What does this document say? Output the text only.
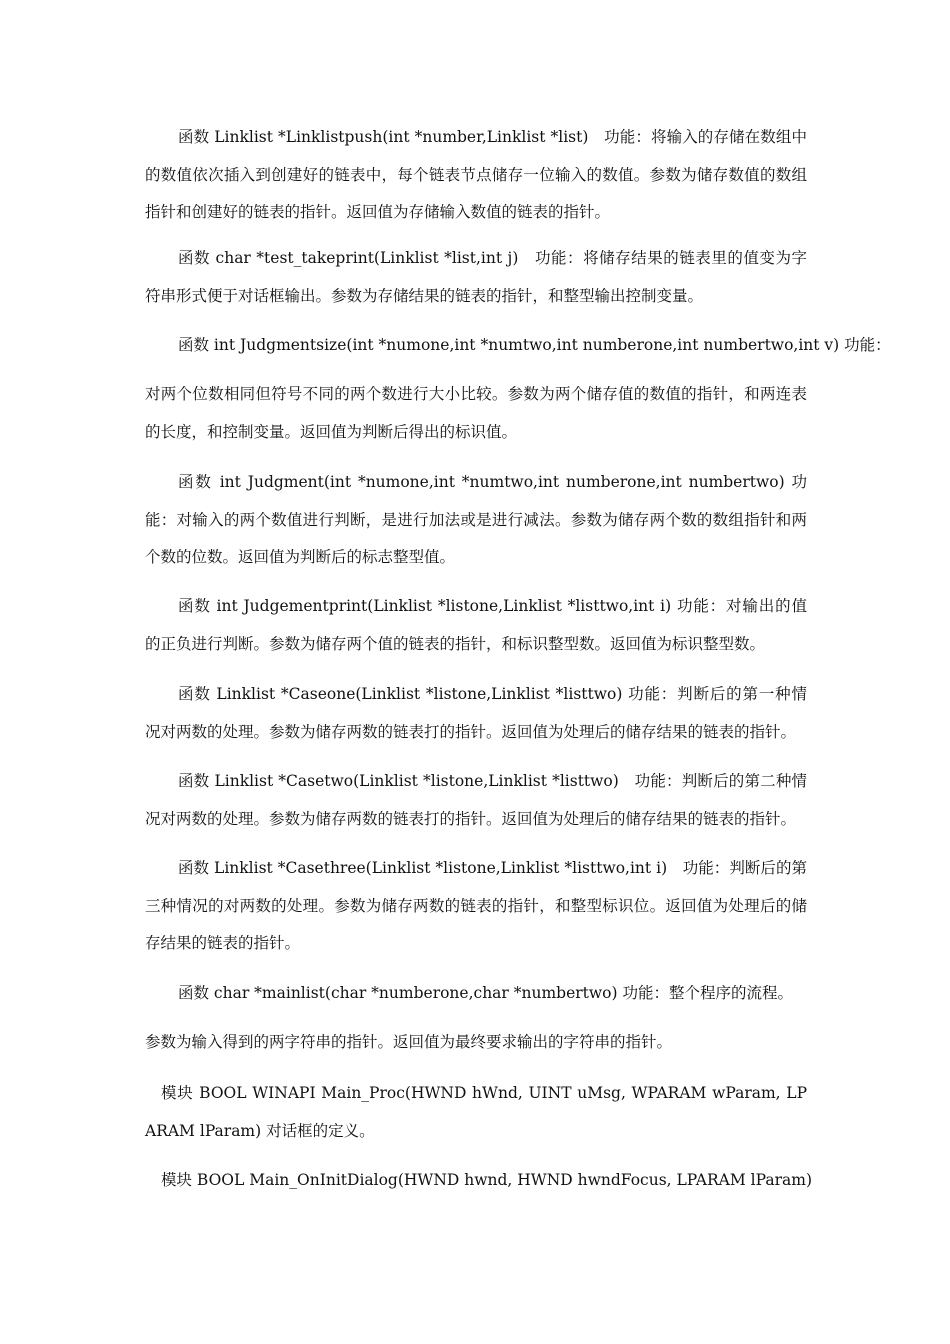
函数 Linklist *Linklistpush(int *number,Linklist *list)　功能：将输入的存储在数组中的数值依次插入到创建好的链表中，每个链表节点储存一位输入的数值。参数为储存数值的数组指针和创建好的链表的指针。返回值为存储输入数值的链表的指针。

函数 char *test_takeprint(Linklist *list,int j)　功能：将储存结果的链表里的值变为字符串形式便于对话框输出。参数为存储结果的链表的指针，和整型输出控制变量。

函数 int Judgmentsize(int *numone,int *numtwo,int numberone,int numbertwo,int v) 功能：

对两个位数相同但符号不同的两个数进行大小比较。参数为两个储存值的数值的指针，和两连表的长度，和控制变量。返回值为判断后得出的标识值。

函数 int Judgment(int *numone,int *numtwo,int numberone,int numbertwo) 功能：对输入的两个数值进行判断，是进行加法或是进行减法。参数为储存两个数的数组指针和两个数的位数。返回值为判断后的标志整型值。

函数 int Judgementprint(Linklist *listone,Linklist *listtwo,int i) 功能：对输出的值的正负进行判断。参数为储存两个值的链表的指针，和标识整型数。返回值为标识整型数。

函数 Linklist *Caseone(Linklist *listone,Linklist *listtwo) 功能：判断后的第一种情况对两数的处理。参数为储存两数的链表打的指针。返回值为处理后的储存结果的链表的指针。

函数 Linklist *Casetwo(Linklist *listone,Linklist *listtwo)　功能：判断后的第二种情况对两数的处理。参数为储存两数的链表打的指针。返回值为处理后的储存结果的链表的指针。

函数 Linklist *Casethree(Linklist *listone,Linklist *listtwo,int i)　功能：判断后的第三种情况的对两数的处理。参数为储存两数的链表的指针，和整型标识位。返回值为处理后的储存结果的链表的指针。

函数 char *mainlist(char *numberone,char *numbertwo) 功能：整个程序的流程。

参数为输入得到的两字符串的指针。返回值为最终要求输出的字符串的指针。

模块 BOOL WINAPI Main_Proc(HWND hWnd, UINT uMsg, WPARAM wParam, LPARAM lParam) 对话框的定义。

模块 BOOL Main_OnInitDialog(HWND hwnd, HWND hwndFocus, LPARAM lParam)
